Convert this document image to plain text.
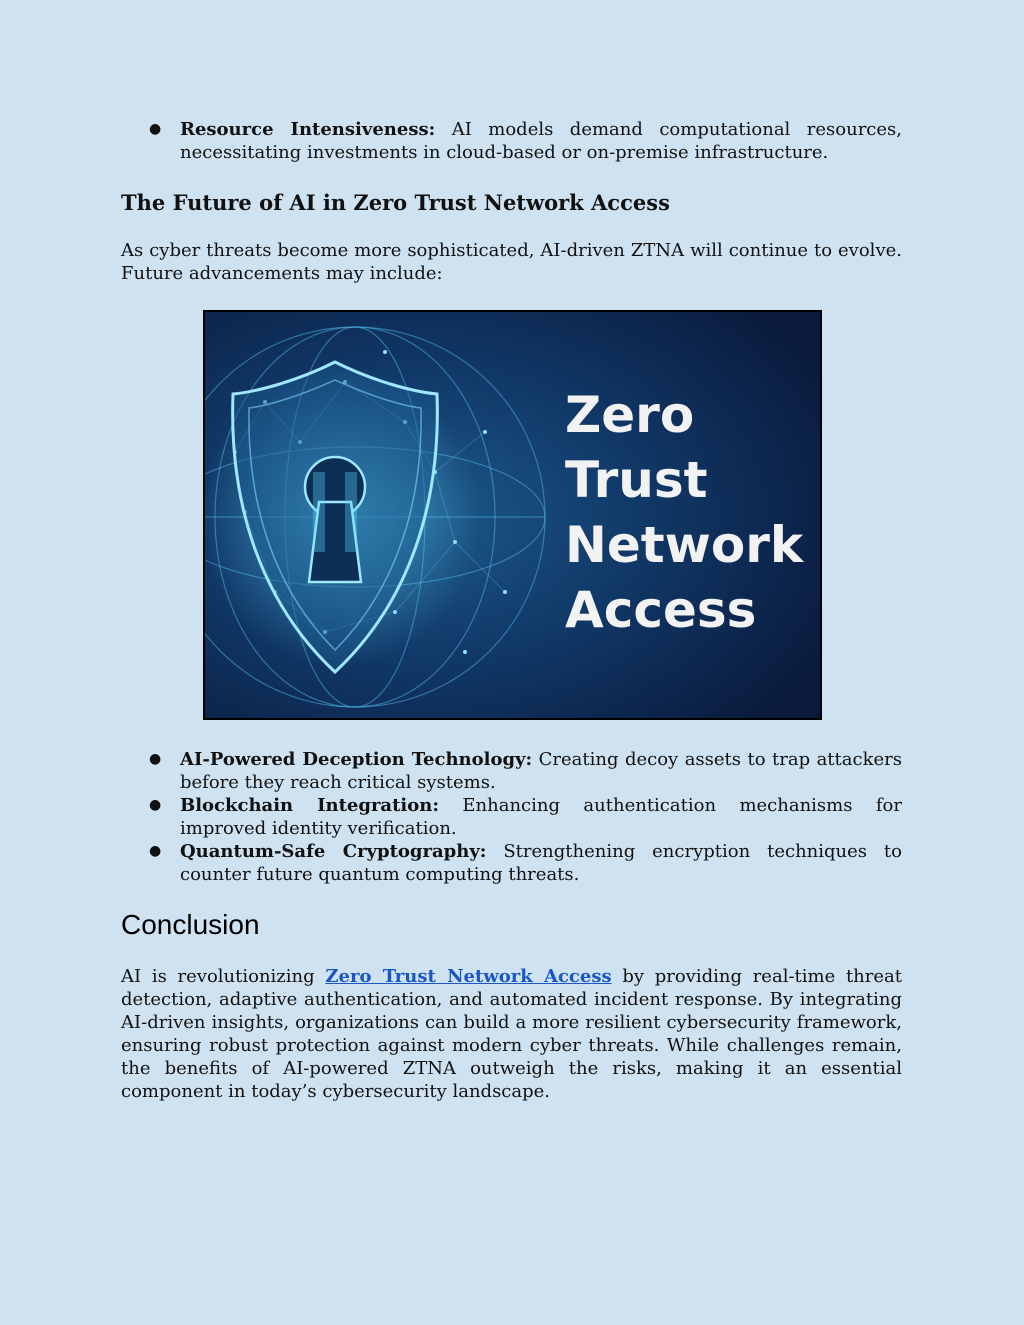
● Resource Intensiveness: AI models demand computational resources, necessitating investments in cloud-based or on-premise infrastructure.
The Future of AI in Zero Trust Network Access

As cyber threats become more sophisticated, AI-driven ZTNA will continue to evolve. Future advancements may include:

Zero
Trust
Network
Access
● AI-Powered Deception Technology: Creating decoy assets to trap attackers before they reach critical systems.
● Blockchain Integration: Enhancing authentication mechanisms for improved identity verification.
● Quantum-Safe Cryptography: Strengthening encryption techniques to counter future quantum computing threats.
Conclusion

AI is revolutionizing Zero Trust Network Access by providing real-time threat detection, adaptive authentication, and automated incident response. By integrating AI-driven insights, organizations can build a more resilient cybersecurity framework, ensuring robust protection against modern cyber threats. While challenges remain, the benefits of AI-powered ZTNA outweigh the risks, making it an essential component in today’s cybersecurity landscape.
